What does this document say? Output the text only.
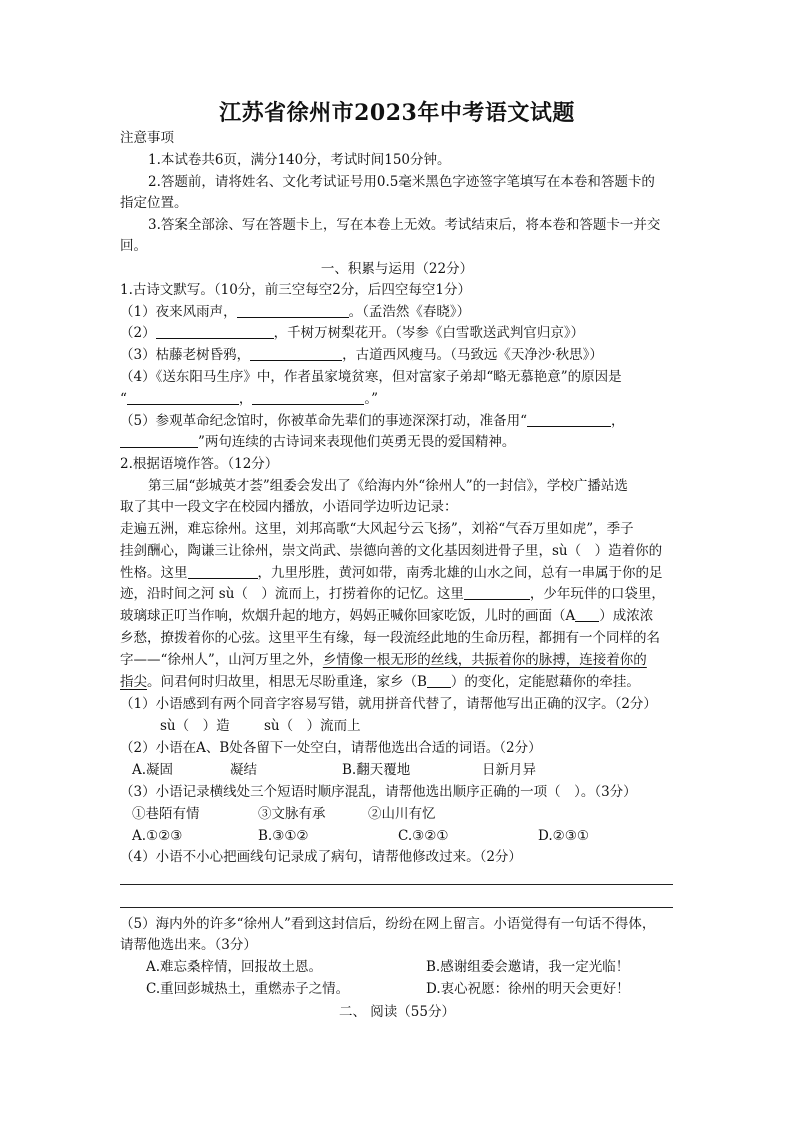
江苏省徐州市2023年中考语文试题
注意事项
1.本试卷共6页，满分140分，考试时间150分钟。
2.答题前，请将姓名、文化考试证号用0.5毫米黑色字迹签字笔填写在本卷和答题卡的
指定位置。
3.答案全部涂、写在答题卡上，写在本卷上无效。考试结束后，将本卷和答题卡一并交
回。
一、积累与运用（22分）
1.古诗文默写。（10分，前三空每空2分，后四空每空1分）
（1）夜来风雨声，	。（孟浩然《春晓》）
（2）	，千树万树梨花开。（岑参《白雪歌送武判官归京》）
（3）枯藤老树昏鸦，	，古道西风瘦马。（马致远《天净沙·秋思》）
（4）《送东阳马生序》中，作者虽家境贫寒，但对富家子弟却“略无慕艳意”的原因是
“	，	。”
（5）参观革命纪念馆时，你被革命先辈们的事迹深深打动，准备用“	，
”两句连续的古诗词来表现他们英勇无畏的爱国精神。
2.根据语境作答。（12分）
第三届“彭城英才荟”组委会发出了《给海内外“徐州人”的一封信》，学校广播站选
取了其中一段文字在校园内播放，小语同学边听边记录：
走遍五洲，难忘徐州。这里，刘邦高歌“大风起兮云飞扬”，刘裕“气吞万里如虎”，季子
挂剑酬心，陶谦三让徐州，崇文尚武、崇德向善的文化基因刻进骨子里，sù（　）造着你的
性格。这里	，九里彤胜，黄河如带，南秀北雄的山水之间，总有一串属于你的足
迹，沿时间之河 sù（　）流而上，打捞着你的记忆。这里	，少年玩伴的口袋里，
玻璃球正叮当作响，炊烟升起的地方，妈妈正喊你回家吃饭，儿时的画面（A ）成浓浓
乡愁，撩拨着你的心弦。这里平生有缘，每一段流经此地的生命历程，都拥有一个同样的名
字——“徐州人”，山河万里之外，乡情像一根无形的丝线，共振着你的脉搏，连接着你的
指尖。问君何时归故里，相思无尽盼重逢，家乡（B ）的变化，定能慰藉你的牵挂。
（1）小语感到有两个同音字容易写错，就用拼音代替了，请帮他写出正确的汉字。（2分）
sù（　）造	sù（　）流而上
（2）小语在A、B处各留下一处空白，请帮他选出合适的词语。（2分）
A.凝固	凝结	B.翻天覆地	日新月异
（3）小语记录横线处三个短语时顺序混乱，请帮他选出顺序正确的一项（　）。（3分）
①巷陌有情	③文脉有承	②山川有忆
A.①②③	B.③①②	C.③②①	D.②③①
（4）小语不小心把画线句记录成了病句，请帮他修改过来。（2分）
（5）海内外的许多“徐州人”看到这封信后，纷纷在网上留言。小语觉得有一句话不得体，
请帮他选出来。（3分）
A.难忘桑梓情，回报故土恩。	B.感谢组委会邀请，我一定光临！
C.重回彭城热土，重燃赤子之情。	D.衷心祝愿：徐州的明天会更好！
二、 阅读（55分）
